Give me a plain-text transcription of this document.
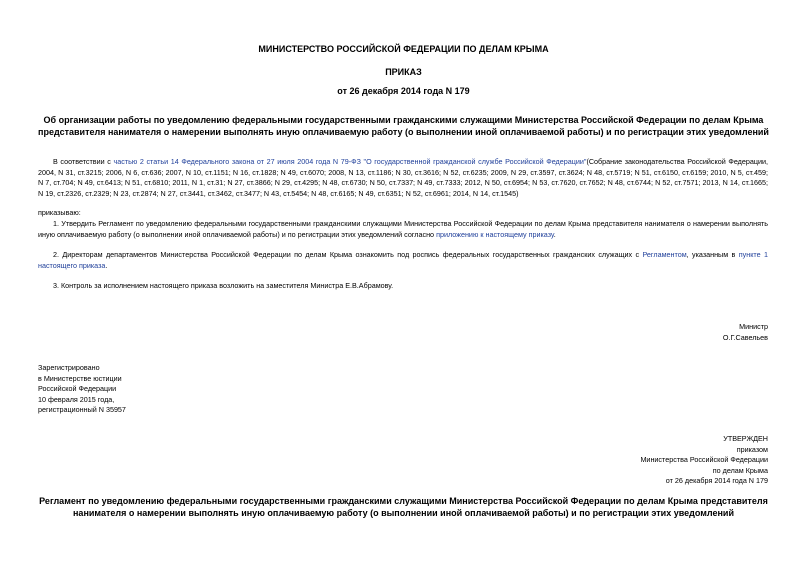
МИНИСТЕРСТВО РОССИЙСКОЙ ФЕДЕРАЦИИ ПО ДЕЛАМ КРЫМА
ПРИКАЗ
от 26 декабря 2014 года N 179
Об организации работы по уведомлению федеральными государственными гражданскими служащими Министерства Российской Федерации по делам Крыма
представителя нанимателя о намерении выполнять иную оплачиваемую работу (о выполнении иной оплачиваемой работы) и по регистрации этих уведомлений
В соответствии с частью 2 статьи 14 Федерального закона от 27 июля 2004 года N 79-ФЗ "О государственной гражданской службе Российской Федерации"(Собрание законодательства Российской Федерации, 2004, N 31, ст.3215; 2006, N 6, ст.636; 2007, N 10, ст.1151; N 16, ст.1828; N 49, ст.6070; 2008, N 13, ст.1186; N 30, ст.3616; N 52, ст.6235; 2009, N 29, ст.3597, ст.3624; N 48, ст.5719; N 51, ст.6150, ст.6159; 2010, N 5, ст.459; N 7, ст.704; N 49, ст.6413; N 51, ст.6810; 2011, N 1, ст.31; N 27, ст.3866; N 29, ст.4295; N 48, ст.6730; N 50, ст.7337; N 49, ст.7333; 2012, N 50, ст.6954; N 53, ст.7620, ст.7652; N 48, ст.6744; N 52, ст.7571; 2013, N 14, ст.1665; N 19, ст.2326, ст.2329; N 23, ст.2874; N 27, ст.3441, ст.3462, ст.3477; N 43, ст.5454; N 48, ст.6165; N 49, ст.6351; N 52, ст.6961; 2014, N 14, ст.1545)
приказываю:
1. Утвердить Регламент по уведомлению федеральными государственными гражданскими служащими Министерства Российской Федерации по делам Крыма представителя нанимателя о намерении выполнять иную оплачиваемую работу (о выполнении иной оплачиваемой работы) и по регистрации этих уведомлений согласно приложению к настоящему приказу.
2. Директорам департаментов Министерства Российской Федерации по делам Крыма ознакомить под роспись федеральных государственных гражданских служащих с Регламентом, указанным в пункте 1 настоящего приказа.
3. Контроль за исполнением настоящего приказа возложить на заместителя Министра Е.В.Абрамову.
Министр
О.Г.Савельев
Зарегистрировано
в Министерстве юстиции
Российской Федерации
10 февраля 2015 года,
регистрационный N 35957
УТВЕРЖДЕН
приказом
Министерства Российской Федерации
по делам Крыма
от 26 декабря 2014 года N 179
Регламент по уведомлению федеральными государственными гражданскими служащими Министерства Российской Федерации по делам Крыма представителя
нанимателя о намерении выполнять иную оплачиваемую работу (о выполнении иной оплачиваемой работы) и по регистрации этих уведомлений
